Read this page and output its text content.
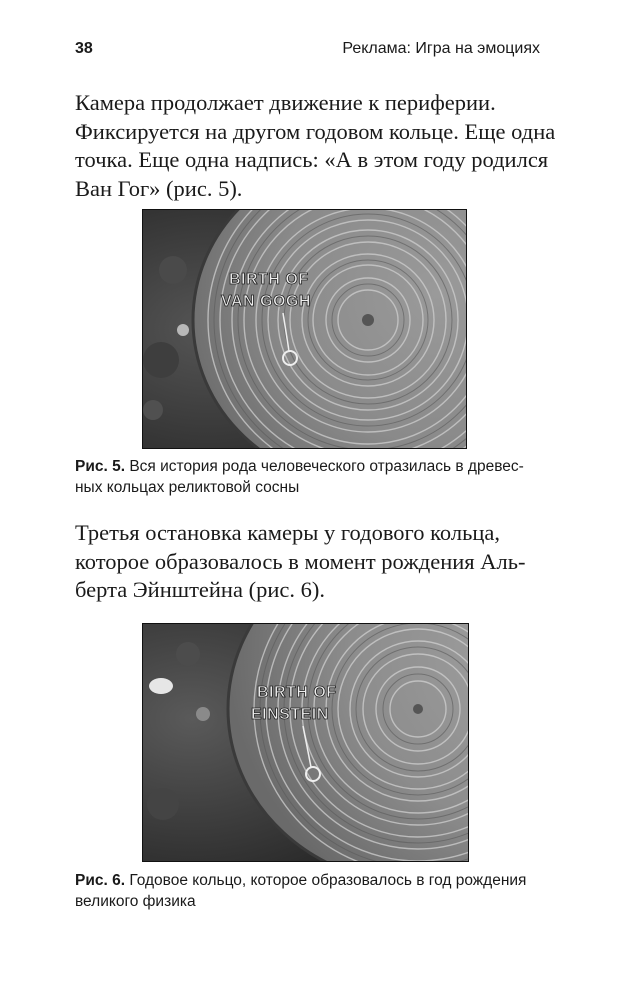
38	Реклама: Игра на эмоциях

Камера продолжает движение к периферии.
Фиксируется на другом годовом кольце. Еще одна
точка. Еще одна надпись: «А в этом году родился
Ван Гог» (рис. 5).

BIRTH OF
VAN GOGH

Рис. 5. Вся история рода человеческого отразилась в древес-
ных кольцах реликтовой сосны

Третья остановка камеры у годового кольца,
которое образовалось в момент рождения Аль-
берта Эйнштейна (рис. 6).

BIRTH OF
EINSTEIN

Рис. 6. Годовое кольцо, которое образовалось в год рождения
великого физика
